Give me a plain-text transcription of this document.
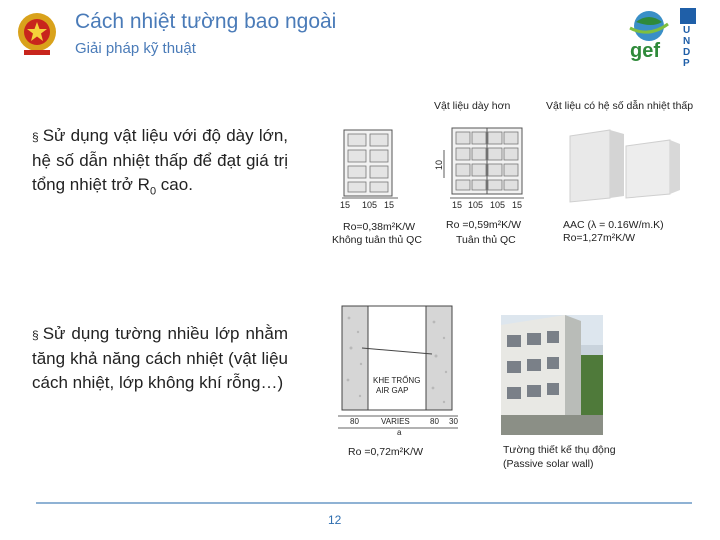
Cách nhiệt tường bao ngoài
Giải pháp kỹ thuật	gef
UNDP
Vật liệu dày hơn	Vật liệu có hệ số dẫn nhiệt thấp
§ Sử dụng vật liệu với độ dày lớn, hệ số dẫn nhiệt thấp để đạt giá trị tổng nhiệt trở $R_0$ cao.
15 105 15
10
15 105 105 15
Ro=0,38m²K/W
Không tuân thủ QC
Ro =0,59m²K/W
Tuân thủ QC
AAC (λ = 0.16W/m.K)
Ro=1,27m²K/W
§ Sử dụng tường nhiều lớp nhằm tăng khả năng cách nhiệt (vật liệu cách nhiệt, lớp không khí rỗng…)	KHE TRỐNG
AIR GAP
80	VARIES	80 30
a
Ro =0,72m²K/W	Tường thiết kế thụ động
(Passive solar wall)
12
